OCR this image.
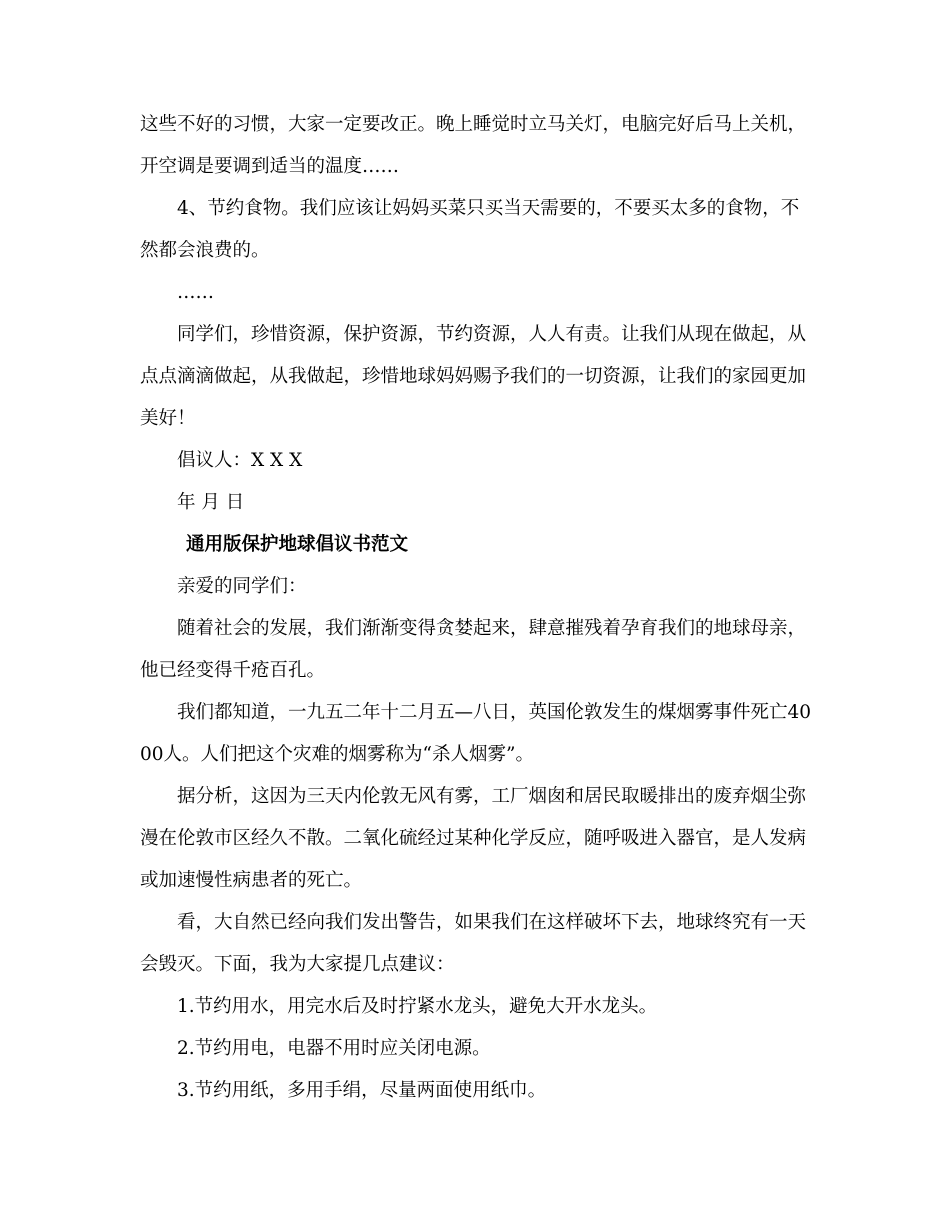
这些不好的习惯，大家一定要改正。晚上睡觉时立马关灯，电脑完好后马上关机，开空调是要调到适当的温度……

4、节约食物。我们应该让妈妈买菜只买当天需要的，不要买太多的食物，不然都会浪费的。

……

同学们，珍惜资源，保护资源，节约资源，人人有责。让我们从现在做起，从点点滴滴做起，从我做起，珍惜地球妈妈赐予我们的一切资源，让我们的家园更加美好！

倡议人：X X X

年 月 日

通用版保护地球倡议书范文

亲爱的同学们：

随着社会的发展，我们渐渐变得贪婪起来，肆意摧残着孕育我们的地球母亲，他已经变得千疮百孔。

我们都知道，一九五二年十二月五—八日，英国伦敦发生的煤烟雾事件死亡4000人。人们把这个灾难的烟雾称为“杀人烟雾”。

据分析，这因为三天内伦敦无风有雾，工厂烟囱和居民取暖排出的废弃烟尘弥漫在伦敦市区经久不散。二氧化硫经过某种化学反应，随呼吸进入器官，是人发病或加速慢性病患者的死亡。

看，大自然已经向我们发出警告，如果我们在这样破坏下去，地球终究有一天会毁灭。下面，我为大家提几点建议：

1.节约用水，用完水后及时拧紧水龙头，避免大开水龙头。

2.节约用电，电器不用时应关闭电源。

3.节约用纸，多用手绢，尽量两面使用纸巾。
